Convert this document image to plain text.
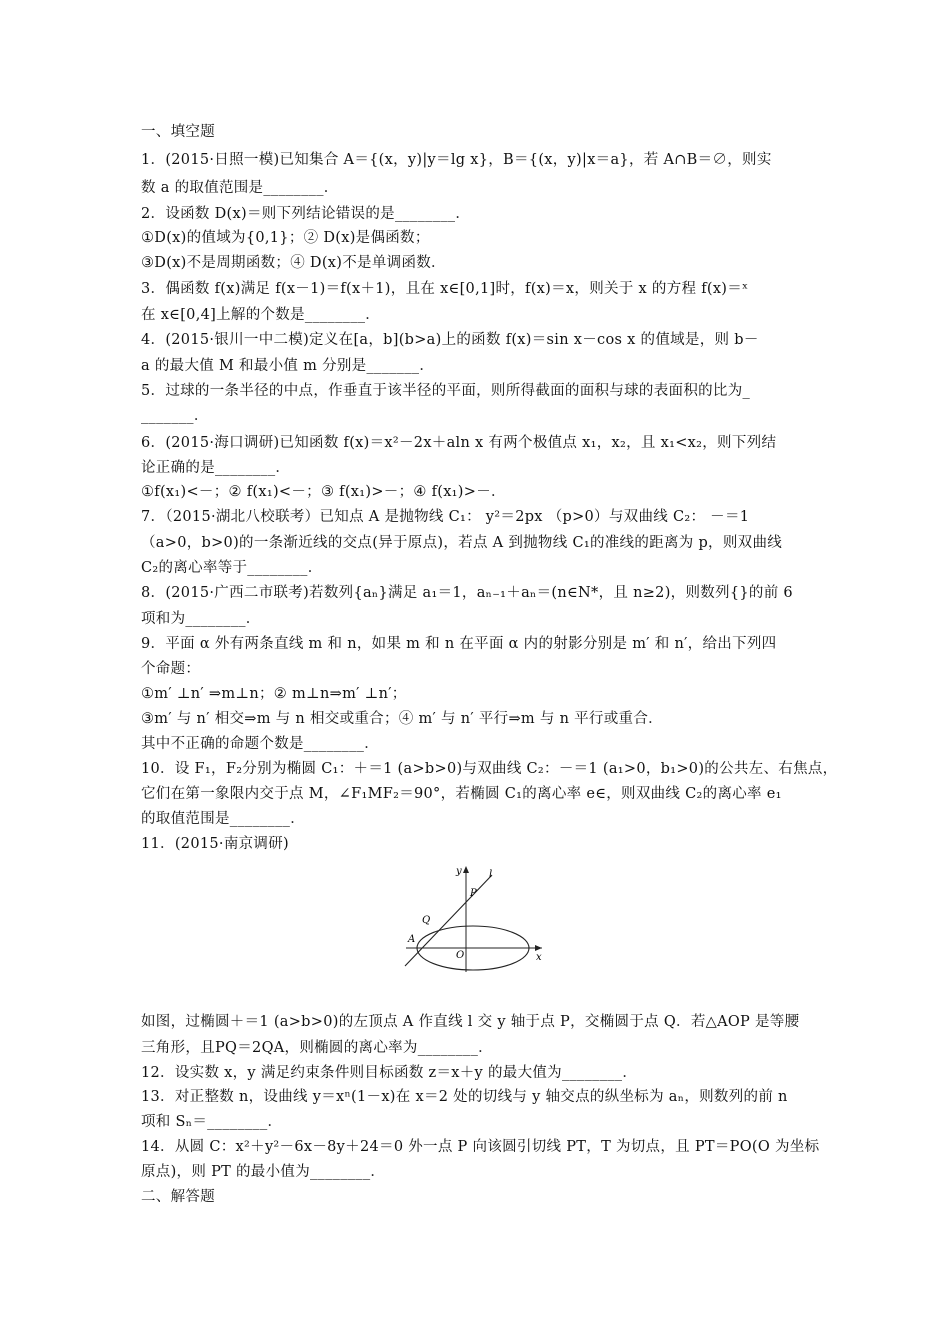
一、填空题
1．(2015·日照一模)已知集合 A＝{(x，y)|y＝lg x}，B＝{(x，y)|x＝a}，若 A∩B＝∅，则实
数 a 的取值范围是________．
2．设函数 D(x)＝则下列结论错误的是________．
①D(x)的值域为{0,1}；② D(x)是偶函数；
③D(x)不是周期函数；④ D(x)不是单调函数．
3．偶函数 f(x)满足 f(x－1)＝f(x＋1)，且在 x∈[0,1]时，f(x)＝x，则关于 x 的方程 f(x)＝ˣ
在 x∈[0,4]上解的个数是________．
4．(2015·银川一中二模)定义在[a，b](b>a)上的函数 f(x)＝sin x－cos x 的值域是，则 b－
a 的最大值 M 和最小值 m 分别是_______．
5．过球的一条半径的中点，作垂直于该半径的平面，则所得截面的面积与球的表面积的比为_
_______．
6．(2015·海口调研)已知函数 f(x)＝x²－2x＋aln x 有两个极值点 x₁，x₂，且 x₁<x₂，则下列结
论正确的是________．
①f(x₁)<－；② f(x₁)<－；③ f(x₁)>－；④ f(x₁)>－．
7．（2015·湖北八校联考）已知点 A 是抛物线 C₁： y²＝2px （p>0）与双曲线 C₂： －＝1
（a>0，b>0)的一条渐近线的交点(异于原点)，若点 A 到抛物线 C₁的准线的距离为 p，则双曲线
C₂的离心率等于________．
8．(2015·广西二市联考)若数列{aₙ}满足 a₁＝1，aₙ₋₁＋aₙ＝(n∈N*，且 n≥2)，则数列{}的前 6
项和为________．
9．平面 α 外有两条直线 m 和 n，如果 m 和 n 在平面 α 内的射影分别是 m′ 和 n′，给出下列四
个命题：
①m′ ⊥n′ ⇒m⊥n；② m⊥n⇒m′ ⊥n′；
③m′ 与 n′ 相交⇒m 与 n 相交或重合；④ m′ 与 n′ 平行⇒m 与 n 平行或重合．
其中不正确的命题个数是________．
10．设 F₁，F₂分别为椭圆 C₁：＋＝1 (a>b>0)与双曲线 C₂：－＝1 (a₁>0，b₁>0)的公共左、右焦点，
它们在第一象限内交于点 M，∠F₁MF₂＝90°，若椭圆 C₁的离心率 e∈，则双曲线 C₂的离心率 e₁
的取值范围是________．
11．(2015·南京调研)
y	l
P
Q
A
O	x
如图，过椭圆＋＝1 (a>b>0)的左顶点 A 作直线 l 交 y 轴于点 P，交椭圆于点 Q．若△AOP 是等腰
三角形，且PQ＝2QA，则椭圆的离心率为________．
12．设实数 x，y 满足约束条件则目标函数 z＝x＋y 的最大值为________．
13．对正整数 n，设曲线 y＝xⁿ(1－x)在 x＝2 处的切线与 y 轴交点的纵坐标为 aₙ，则数列的前 n
项和 Sₙ＝________．
14．从圆 C：x²＋y²－6x－8y＋24＝0 外一点 P 向该圆引切线 PT，T 为切点，且 PT＝PO(O 为坐标
原点)，则 PT 的最小值为________．
二、解答题
